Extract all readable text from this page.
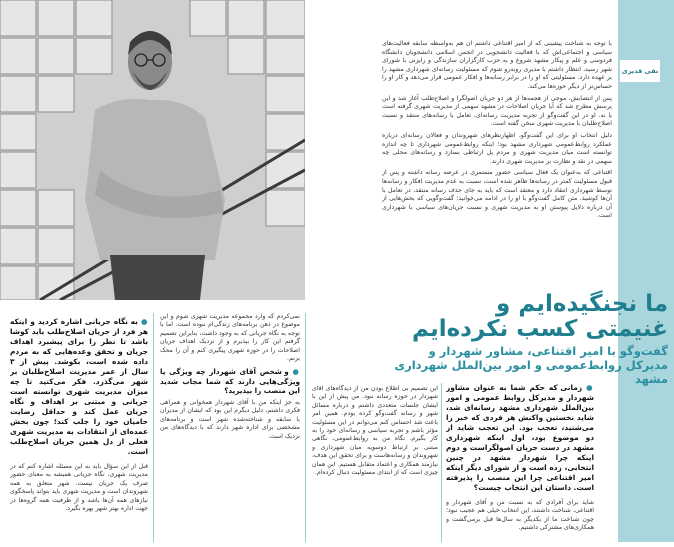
نقی قدیری

با توجه به شناخت پیشینی که از امیر اقتناعی داشتم آن هم به‌واسطه سابقه فعالیت‌های سیاسی و اجتماعی‌اش که با فعالیت دانشجویی در انجمن اسلامی دانشجویان دانشگاه فردوسی و علم و پیکار مشهد شروع و به حزب کارگزاران سازندگی و رایزنی با شورای شهر رسید، انتظار داشتم با مدیری روبه‌رو شوم که مسئولیت رسانه‌ای شهرداری مشهد را بر عهده دارد. مسئولیتی که او را در برابر رسانه‌ها و افکار عمومی قرار می‌دهد و کار او را حساس‌تر از دیگر حوزه‌ها می‌کند.

پس از انتصابش، موجی از هجمه‌ها از هر دو جریان اصولگرا و اصلاح‌طلب آغاز شد و این پرسش مطرح شد که آیا جریان اصلاحات در مشهد سهمی از مدیریت شهری گرفته است یا نه. او در این گفت‌وگو از تجربه مدیریت رسانه‌ای، تعامل با رسانه‌های منتقد و نسبت اصلاح‌طلبان با مدیریت شهری سخن گفته است.

دلیل انتخاب او برای این گفت‌وگو، اظهارنظرهای شهروندان و فعالان رسانه‌ای درباره عملکرد روابط‌عمومی شهرداری مشهد بود؛ اینکه روابط‌عمومی شهرداری تا چه اندازه توانسته است میان مدیریت شهری و مردم پل ارتباطی بسازد و رسانه‌های محلی چه سهمی در نقد و نظارت بر مدیریت شهری دارند.

اقتناعی که به‌عنوان یک فعال سیاسی حضور مستمری در عرصه رسانه داشته و پس از قبول مسئولیت کمتر در رسانه‌ها ظاهر شده است، نسبت به عدم مدیریت افکار و رسانه‌ها توسط شهرداری انتقاد دارد و معتقد است که باید به جای حذف رسانه منتقد، در تعامل با آن‌ها کوشید. متن کامل گفت‌وگو با او را در ادامه می‌خوانید؛ گفت‌وگویی که بخش‌هایی از آن درباره دلایل پیوستن او به مدیریت شهری و نسبت جریان‌های سیاسی با شهرداری است.

ما نجنگیده‌ایم و
غنیمتی کسب نکرده‌ایم
گفت‌وگو با امیر اقتناعی، مشاور شهردار و
مدیرکل روابط‌عمومی و امور بین‌الملل شهرداری مشهد

● به نگاه جریانی اشاره کردید و اینکه هر فرد از جریان اصلاح‌طلب باید کوشا باشد تا نظر را برای پیشبرد اهداف جریان و تحقق وعده‌هایی که به مردم داده شده است، بکوشد. پیش از ۳ سال از عمر مدیریت اصلاح‌طلبان بر شهر می‌گذرد. فکر می‌کنید تا چه میزان مدیریت شهری توانسته است جریانی و مبتنی بر اهداف و نگاه جریان عمل کند و حداقل رضایت حامیان خود را جلب کند؛ چون بخش عمده‌ای از انتقادات به مدیریت شهری فعلی از دل همین جریان اصلاح‌طلب است.

قبل از این سؤال باید به این مسئله اشاره کنم که در مدیریت شهری، نگاه جریانی همیشه به معنای حضور صرف یک جریان نیست. شهر متعلق به همه شهروندان است و مدیریت شهری باید بتواند پاسخگوی نیازهای همه آن‌ها باشد و از ظرفیت همه گروه‌ها در جهت اداره بهتر شهر بهره بگیرد.

نمی‌کردم که وارد مجموعه مدیریت شهری شوم و این موضوع در ذهن برنامه‌های زندگی‌ام نبوده است. اما با توجه به نگاه جریانی که به وجود داشت، بنابراین تصمیم گرفتم این کار را بپذیرم و از نزدیک اهداف جریان اصلاحات را در حوزه شهری پیگیری کنم و آن را محک بزنم.

● و شخص آقای شهردار چه ویژگی یا ویژگی‌هایی دارند که شما مجاب شدید این منصب را بپذیرید؟

به جز اینکه من با آقای شهردار همخوانی و همراهی فکری داشتم، دلیل دیگرم این بود که ایشان از مدیران با سابقه و شناخته‌شده شهر است و برنامه‌های مشخصی برای اداره شهر دارند که با دیدگاه‌های من نزدیک است.

این تصمیم بی اطلاع بودن من از دیدگاه‌های آقای شهردار در حوزه رسانه نبود. من پیش از این با ایشان جلسات متعددی داشتم و درباره مسائل شهر و رسانه گفت‌وگو کرده بودم. همین امر باعث شد احساس کنم می‌توانم در این مسئولیت مؤثر باشم و تجربه سیاسی و رسانه‌ای خود را به کار بگیرم. نگاه من به روابط‌عمومی، نگاهی مبتنی بر ارتباط دوسویه میان شهرداری و شهروندان و رسانه‌هاست و برای تحقق این هدف، نیازمند همکاری و اعتماد متقابل هستیم. این همان چیزی است که از ابتدای مسئولیت دنبال کرده‌ام.

● زمانی که حکم شما به عنوان مشاور شهردار و مدیرکل روابط عمومی و امور بین‌الملل شهرداری مشهد رسانه‌ای شد، شاید نخستین واکنش هر فردی که خبر را می‌شنید، تعجب بود. این تعجب شاید از دو موضوع بود، اول اینکه شهرداری مشهد در دست جریان اصولگراست و دوم اینکه چرا شهردار مشهد در چنین انتخابی، زده است و از شورای دیگر اینکه امیر اقتناعی چرا این منصب را پذیرفته است. داستان این انتخاب چیست؟

شاید برای آفرادی که به نسبت من و آقای شهردار و اقتناعی، شناخت داشتند، این انتخاب خیلی هم عجیب نبود؛ چون شناخت ما از یکدیگر به سال‌ها قبل برمی‌گشت و همکاری‌های مشترکی داشتیم.
